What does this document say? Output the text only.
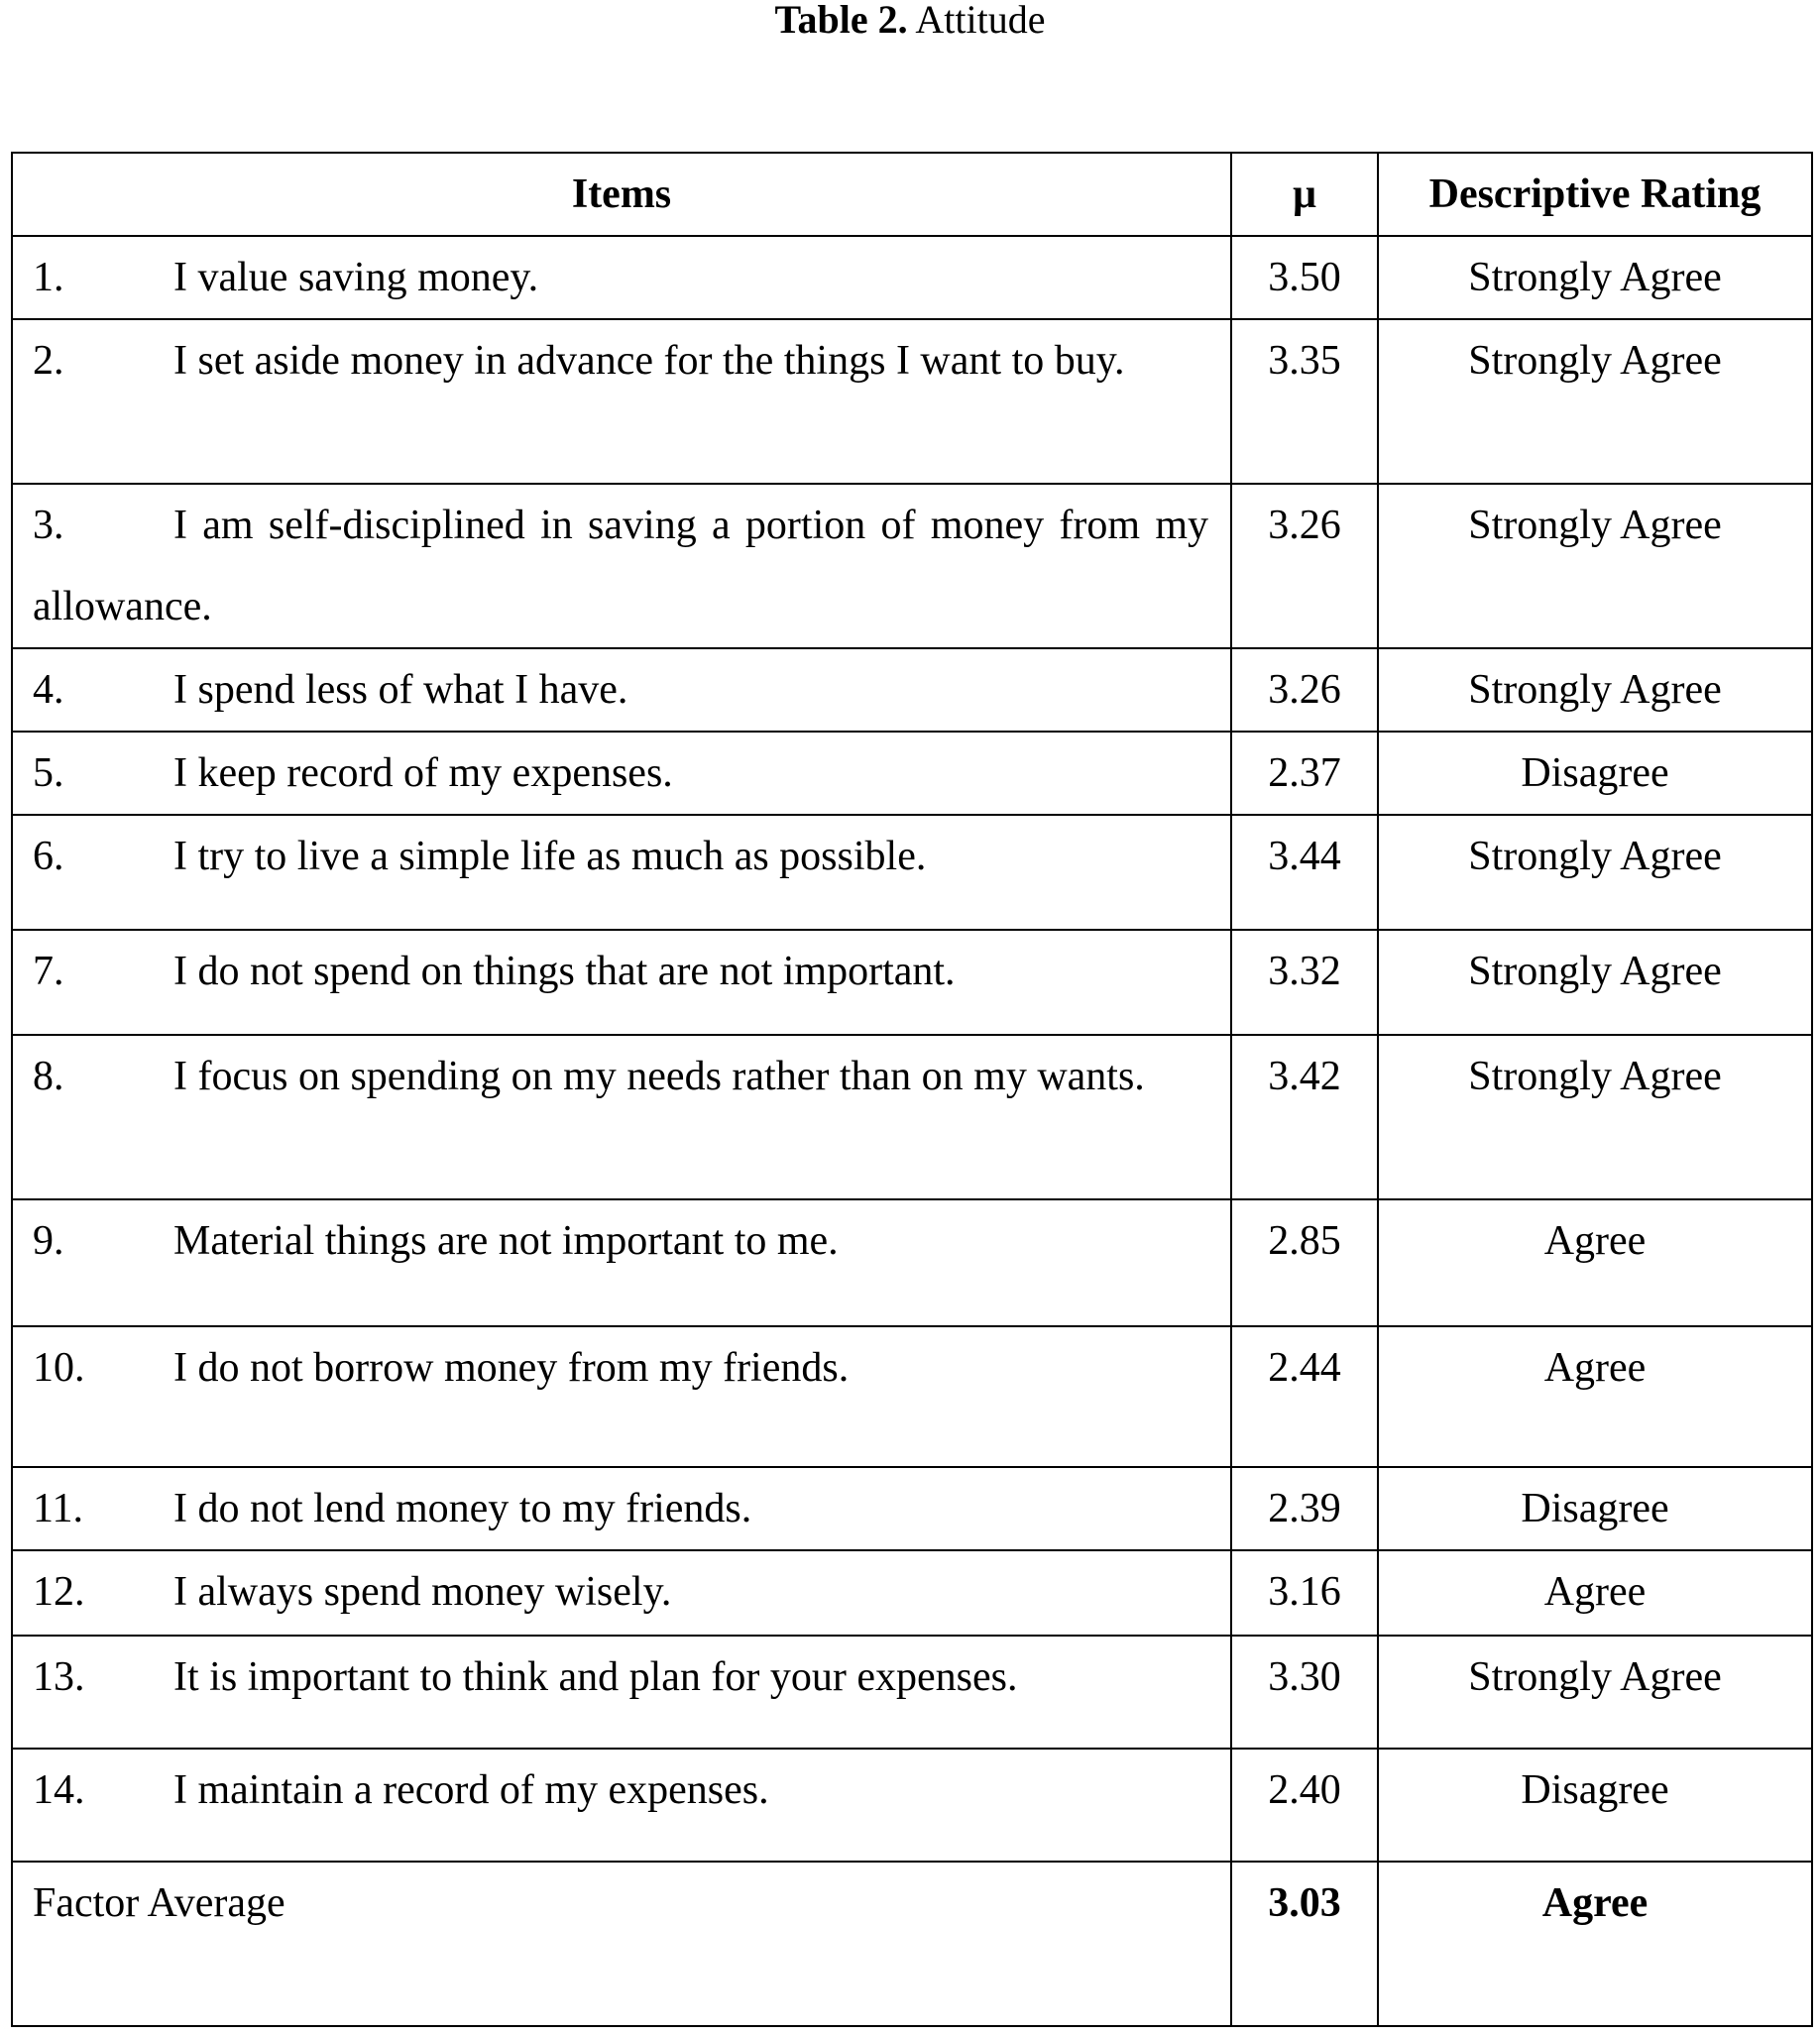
Table 2. Attitude
Items	μ	Descriptive Rating
1. I value saving money.	3.50	Strongly Agree
2. I set aside money in advance for the things I want to buy.	3.35	Strongly Agree
3. I am self-disciplined in saving a portion of money from my allowance.	3.26	Strongly Agree
4. I spend less of what I have.	3.26	Strongly Agree
5. I keep record of my expenses.	2.37	Disagree
6. I try to live a simple life as much as possible.	3.44	Strongly Agree
7. I do not spend on things that are not important.	3.32	Strongly Agree
8. I focus on spending on my needs rather than on my wants.	3.42	Strongly Agree
9. Material things are not important to me.	2.85	Agree
10. I do not borrow money from my friends.	2.44	Agree
11. I do not lend money to my friends.	2.39	Disagree
12. I always spend money wisely.	3.16	Agree
13. It is important to think and plan for your expenses.	3.30	Strongly Agree
14. I maintain a record of my expenses.	2.40	Disagree
Factor Average	3.03	Agree
